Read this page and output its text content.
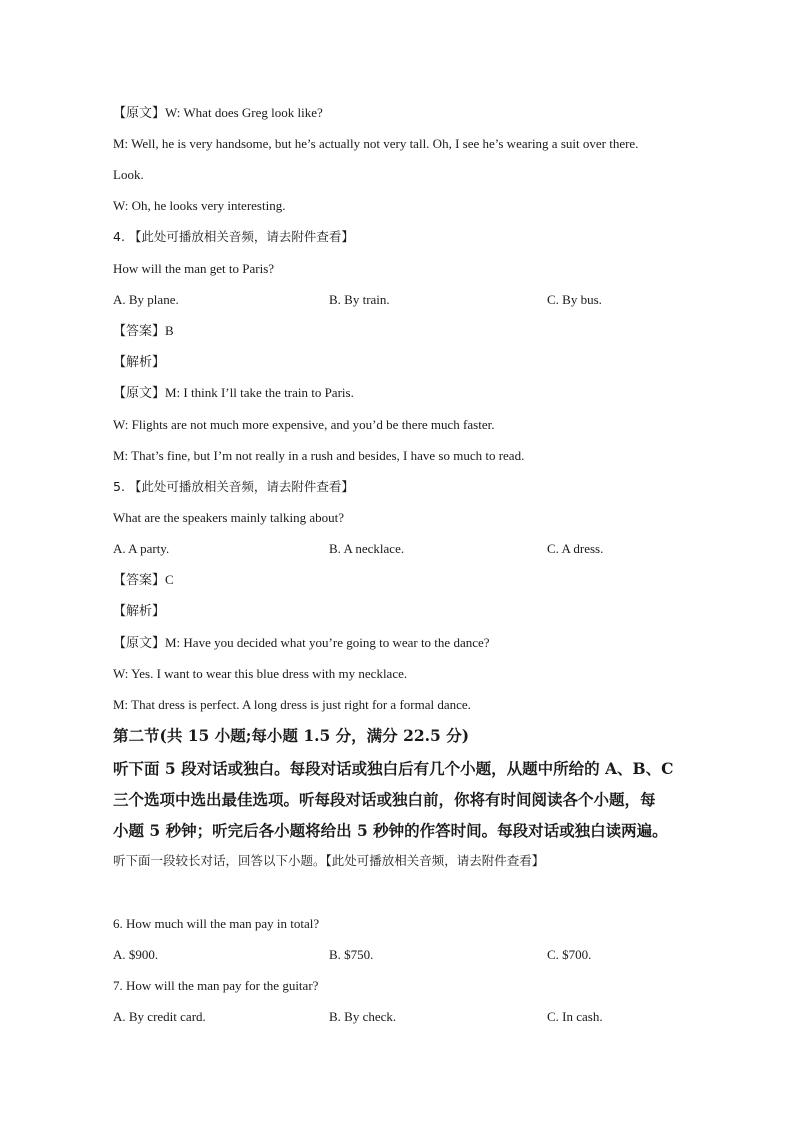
【原文】W: What does Greg look like?
M: Well, he is very handsome, but he’s actually not very tall. Oh, I see he’s wearing a suit over there.
Look.
W: Oh, he looks very interesting.
4. 【此处可播放相关音频，请去附件查看】
How will the man get to Paris?
A. By plane.	B. By train.	C. By bus.
【答案】B
【解析】
【原文】M: I think I’ll take the train to Paris.
W: Flights are not much more expensive, and you’d be there much faster.
M: That’s fine, but I’m not really in a rush and besides, I have so much to read.
5. 【此处可播放相关音频，请去附件查看】
What are the speakers mainly talking about?
A. A party.	B. A necklace.	C. A dress.
【答案】C
【解析】
【原文】M: Have you decided what you’re going to wear to the dance?
W: Yes. I want to wear this blue dress with my necklace.
M: That dress is perfect. A long dress is just right for a formal dance.
第二节(共 15 小题;每小题 1.5 分，满分 22.5 分)
听下面 5 段对话或独白。每段对话或独白后有几个小题，从题中所给的 A、B、C
三个选项中选出最佳选项。听每段对话或独白前，你将有时间阅读各个小题，每
小题 5 秒钟；听完后各小题将给出 5 秒钟的作答时间。每段对话或独白读两遍。
听下面一段较长对话，回答以下小题。【此处可播放相关音频，请去附件查看】
6. How much will the man pay in total?
A. $900.	B. $750.	C. $700.
7. How will the man pay for the guitar?
A. By credit card.	B. By check.	C. In cash.
